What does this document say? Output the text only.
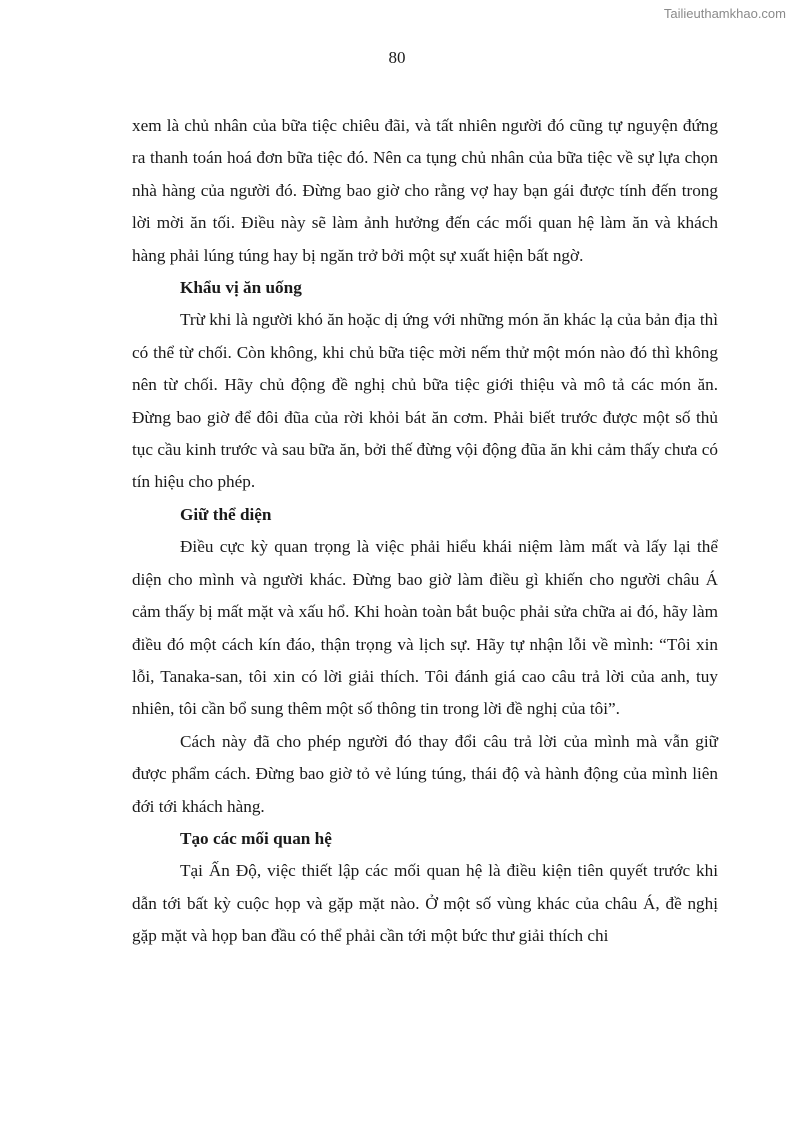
Tailieuthamkhao.com
80

xem là chủ nhân của bữa tiệc chiêu đãi, và tất nhiên người đó cũng tự nguyện đứng ra thanh toán hoá đơn bữa tiệc đó. Nên ca tụng chủ nhân của bữa tiệc về sự lựa chọn nhà hàng của người đó. Đừng bao giờ cho rằng vợ hay bạn gái được tính đến trong lời mời ăn tối. Điều này sẽ làm ảnh hưởng đến các mối quan hệ làm ăn và khách hàng phải lúng túng hay bị ngăn trở bởi một sự xuất hiện bất ngờ.

Khẩu vị ăn uống

Trừ khi là người khó ăn hoặc dị ứng với những món ăn khác lạ của bản địa thì có thể từ chối. Còn không, khi chủ bữa tiệc mời nếm thử một món nào đó thì không nên từ chối. Hãy chủ động đề nghị chủ bữa tiệc giới thiệu và mô tả các món ăn. Đừng bao giờ để đôi đũa của rời khỏi bát ăn cơm. Phải biết trước được một số thủ tục cầu kinh trước và sau bữa ăn, bởi thế đừng vội động đũa ăn khi cảm thấy chưa có tín hiệu cho phép.

Giữ thể diện

Điều cực kỳ quan trọng là việc phải hiểu khái niệm làm mất và lấy lại thể diện cho mình và người khác. Đừng bao giờ làm điều gì khiến cho người châu Á cảm thấy bị mất mặt và xấu hổ. Khi hoàn toàn bắt buộc phải sửa chữa ai đó, hãy làm điều đó một cách kín đáo, thận trọng và lịch sự. Hãy tự nhận lỗi về mình: “Tôi xin lỗi, Tanaka-san, tôi xin có lời giải thích. Tôi đánh giá cao câu trả lời của anh, tuy nhiên, tôi cần bổ sung thêm một số thông tin trong lời đề nghị của tôi”.

Cách này đã cho phép người đó thay đổi câu trả lời của mình mà vẫn giữ được phẩm cách. Đừng bao giờ tỏ vẻ lúng túng, thái độ và hành động của mình liên đới tới khách hàng.

Tạo các mối quan hệ

Tại Ấn Độ, việc thiết lập các mối quan hệ là điều kiện tiên quyết trước khi dẫn tới bất kỳ cuộc họp và gặp mặt nào. Ở một số vùng khác của châu Á, đề nghị gặp mặt và họp ban đầu có thể phải cần tới một bức thư giải thích chi
